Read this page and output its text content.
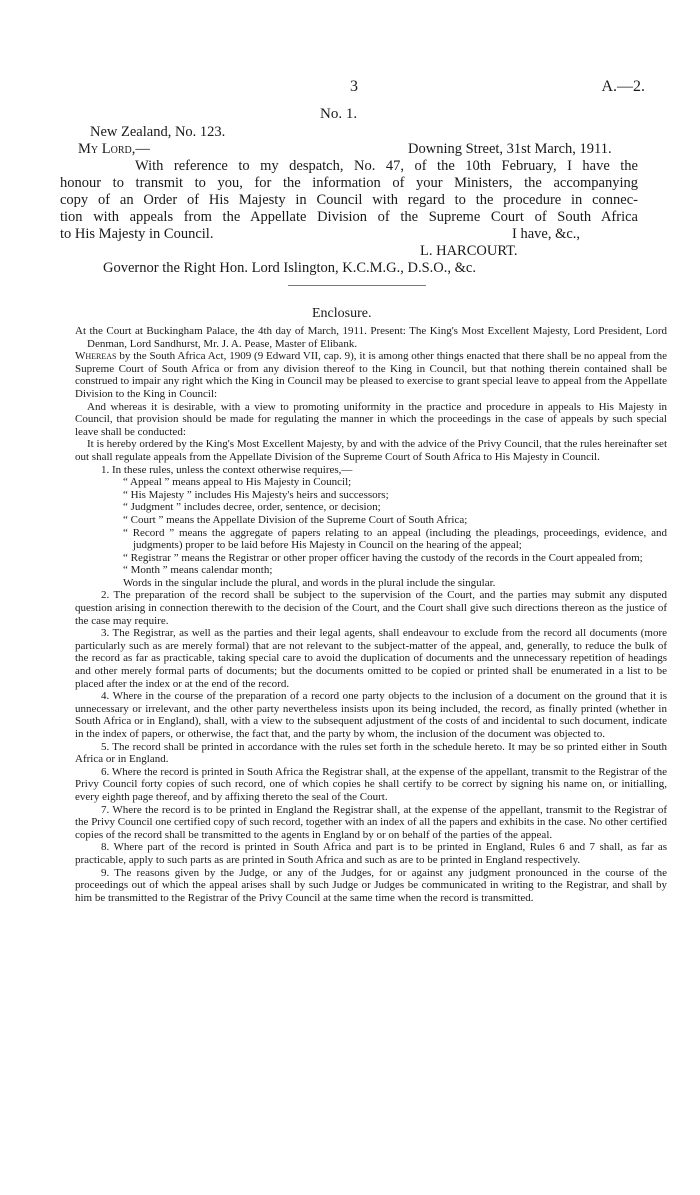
3	A.—2.
No. 1.
New Zealand, No. 123.
My Lord,—	Downing Street, 31st March, 1911.
With reference to my despatch, No. 47, of the 10th February, I have the
honour to transmit to you, for the information of your Ministers, the accompanying
copy of an Order of His Majesty in Council with regard to the procedure in connec-
tion with appeals from the Appellate Division of the Supreme Court of South Africa
to His Majesty in Council.	I have, &c.,
L. HARCOURT.
Governor the Right Hon. Lord Islington, K.C.M.G., D.S.O., &c.
Enclosure.

At the Court at Buckingham Palace, the 4th day of March, 1911. Present: The King's Most Excellent Majesty, Lord President, Lord Denman, Lord Sandhurst, Mr. J. A. Pease, Master of Elibank.

Whereas by the South Africa Act, 1909 (9 Edward VII, cap. 9), it is among other things enacted that there shall be no appeal from the Supreme Court of South Africa or from any division thereof to the King in Council, but that nothing therein contained shall be construed to impair any right which the King in Council may be pleased to exercise to grant special leave to appeal from the Appellate Division to the King in Council:

And whereas it is desirable, with a view to promoting uniformity in the practice and procedure in appeals to His Majesty in Council, that provision should be made for regulating the manner in which the proceedings in the case of appeals by such special leave shall be conducted:

It is hereby ordered by the King's Most Excellent Majesty, by and with the advice of the Privy Council, that the rules hereinafter set out shall regulate appeals from the Appellate Division of the Supreme Court of South Africa to His Majesty in Council.

1. In these rules, unless the context otherwise requires,—

“ Appeal ” means appeal to His Majesty in Council;
“ His Majesty ” includes His Majesty's heirs and successors;
“ Judgment ” includes decree, order, sentence, or decision;
“ Court ” means the Appellate Division of the Supreme Court of South Africa;
“ Record ” means the aggregate of papers relating to an appeal (including the pleadings, proceedings, evidence, and judgments) proper to be laid before His Majesty in Council on the hearing of the appeal;
“ Registrar ” means the Registrar or other proper officer having the custody of the records in the Court appealed from;
“ Month ” means calendar month;
Words in the singular include the plural, and words in the plural include the singular.

2. The preparation of the record shall be subject to the supervision of the Court, and the parties may submit any disputed question arising in connection therewith to the decision of the Court, and the Court shall give such directions thereon as the justice of the case may require.

3. The Registrar, as well as the parties and their legal agents, shall endeavour to exclude from the record all documents (more particularly such as are merely formal) that are not relevant to the subject-matter of the appeal, and, generally, to reduce the bulk of the record as far as practicable, taking special care to avoid the duplication of documents and the unnecessary repetition of headings and other merely formal parts of documents; but the documents omitted to be copied or printed shall be enumerated in a list to be placed after the index or at the end of the record.

4. Where in the course of the preparation of a record one party objects to the inclusion of a document on the ground that it is unnecessary or irrelevant, and the other party nevertheless insists upon its being included, the record, as finally printed (whether in South Africa or in England), shall, with a view to the subsequent adjustment of the costs of and incidental to such document, indicate in the index of papers, or otherwise, the fact that, and the party by whom, the inclusion of the document was objected to.

5. The record shall be printed in accordance with the rules set forth in the schedule hereto. It may be so printed either in South Africa or in England.

6. Where the record is printed in South Africa the Registrar shall, at the expense of the appellant, transmit to the Registrar of the Privy Council forty copies of such record, one of which copies he shall certify to be correct by signing his name on, or initialling, every eighth page thereof, and by affixing thereto the seal of the Court.

7. Where the record is to be printed in England the Registrar shall, at the expense of the appellant, transmit to the Registrar of the Privy Council one certified copy of such record, together with an index of all the papers and exhibits in the case. No other certified copies of the record shall be transmitted to the agents in England by or on behalf of the parties of the appeal.

8. Where part of the record is printed in South Africa and part is to be printed in England, Rules 6 and 7 shall, as far as practicable, apply to such parts as are printed in South Africa and such as are to be printed in England respectively.

9. The reasons given by the Judge, or any of the Judges, for or against any judgment pronounced in the course of the proceedings out of which the appeal arises shall by such Judge or Judges be communicated in writing to the Registrar, and shall by him be transmitted to the Registrar of the Privy Council at the same time when the record is transmitted.
